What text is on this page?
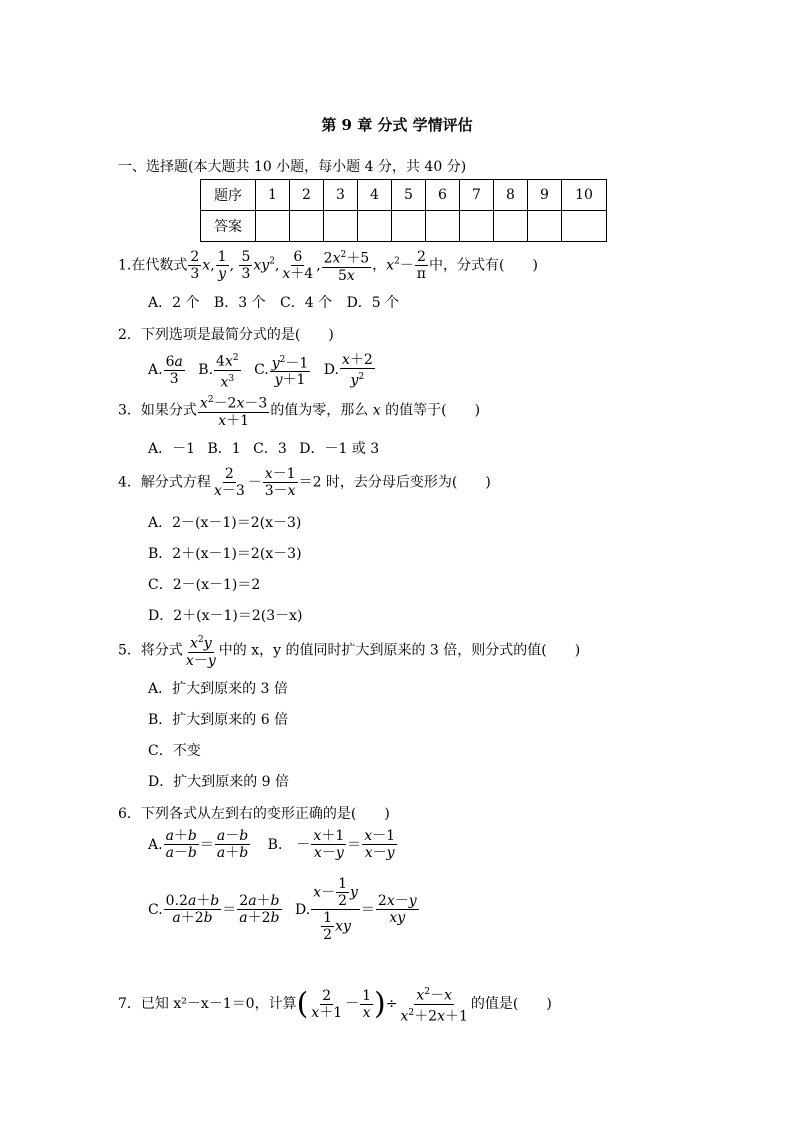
第 9 章 分式 学情评估
一、选择题(本大题共 10 小题，每小题 4 分，共 40 分)
题序	1	2	3	4	5	6	7	8	9	10
答案										
1.在代数式 $\frac{2}{3} x$, $\frac{1}{y}$ , $\frac{5}{3} xy^2$, $\frac{6}{x+4}$ , $\frac{2x^2+5}{5x}$ ，$x^2- \frac{2}{\pi}$ 中，分式有(　　)
A．2 个 B．3 个 C．4 个 D．5 个
2．下列选项是最简分式的是(　　)
A. $\frac{6a}{3} B$. $\frac{4x^2}{x^3} C$. $\frac{y^2-1}{y+1} D$. $\frac{x+2}{y^2}$
3．如果分式 $\frac{x^2-2x-3}{x+1}$ 的值为零，那么 x 的值等于(　　)
A．－1 B．1 C．3 D．－1 或 3
4．解分式方程 $\frac{2}{x-3} - \frac{x-1}{3-x} =2$ 时，去分母后变形为(　　)
A．2－(x－1)＝2(x－3)
B．2＋(x－1)＝2(x－3)
C．2－(x－1)＝2
D．2＋(x－1)＝2(3－x)
5．将分式 $\frac{x^2y}{x-y}$ 中的 x，y 的值同时扩大到原来的 3 倍，则分式的值(　　)
A．扩大到原来的 3 倍
B．扩大到原来的 6 倍
C．不变
D．扩大到原来的 9 倍
6．下列各式从左到右的变形正确的是(　　)
A. $\frac{a+b}{a-b} = \frac{a-b}{a+b}$ B． － $\frac{x+1}{x-y} = \frac{x-1}{x-y}$
C. $\frac{0.2a+b}{a+2b} = \frac{2a+b}{a+2b} D$. $\frac{x- \frac{1}{2} y}{\frac{1}{2} xy} = \frac{2x-y}{xy}$
7．已知 x²－x－1＝0，计算( $\frac{2}{x+1} - \frac{1}{x}$ )÷ $\frac{x^2-x}{x^2+2x+1}$ 的值是(　　)
